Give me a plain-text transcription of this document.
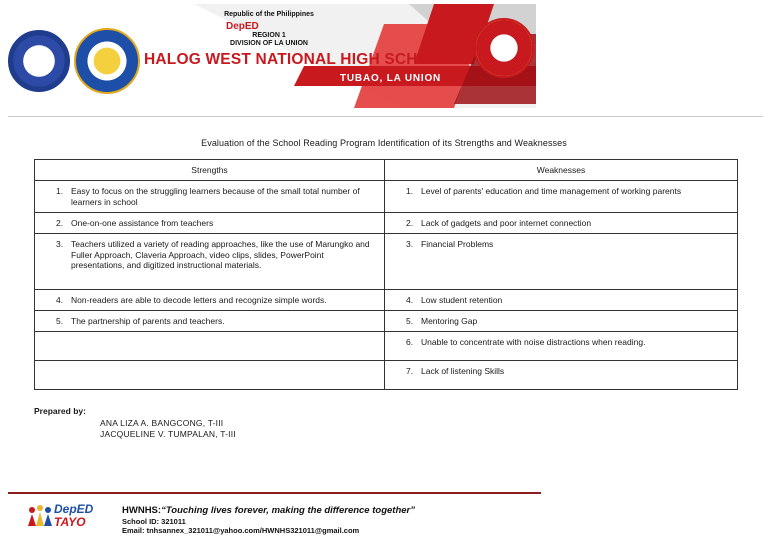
Republic of the Philippines
DepED
REGION 1
DIVISION OF LA UNION
HALOG WEST NATIONAL HIGH SCHOOL
TUBAO, LA UNION
Evaluation of the School Reading Program Identification of its Strengths and Weaknesses
Strengths	Weaknesses

1. Easy to focus on the struggling learners because of the small total number of learners in school	1. Level of parents' education and time management of working parents

2. One-on-one assistance from teachers	2. Lack of gadgets and poor internet connection

3. Teachers utilized a variety of reading approaches, like the use of Marungko and Fuller Approach, Claveria Approach, video clips, slides, PowerPoint presentations, and digitized instructional materials.	3. Financial Problems

4. Non-readers are able to decode letters and recognize simple words.	4. Low student retention

5. The partnership of parents and teachers.	5. Mentoring Gap

	6. Unable to concentrate with noise distractions when reading.

	7. Lack of listening Skills
Prepared by:
ANA LIZA A. BANGCONG, T-III
JACQUELINE V. TUMPALAN, T-III
DepED
TAYO
HWNHS:“Touching lives forever, making the difference together”
School ID: 321011
Email: tnhsannex_321011@yahoo.com/HWNHS321011@gmail.com
